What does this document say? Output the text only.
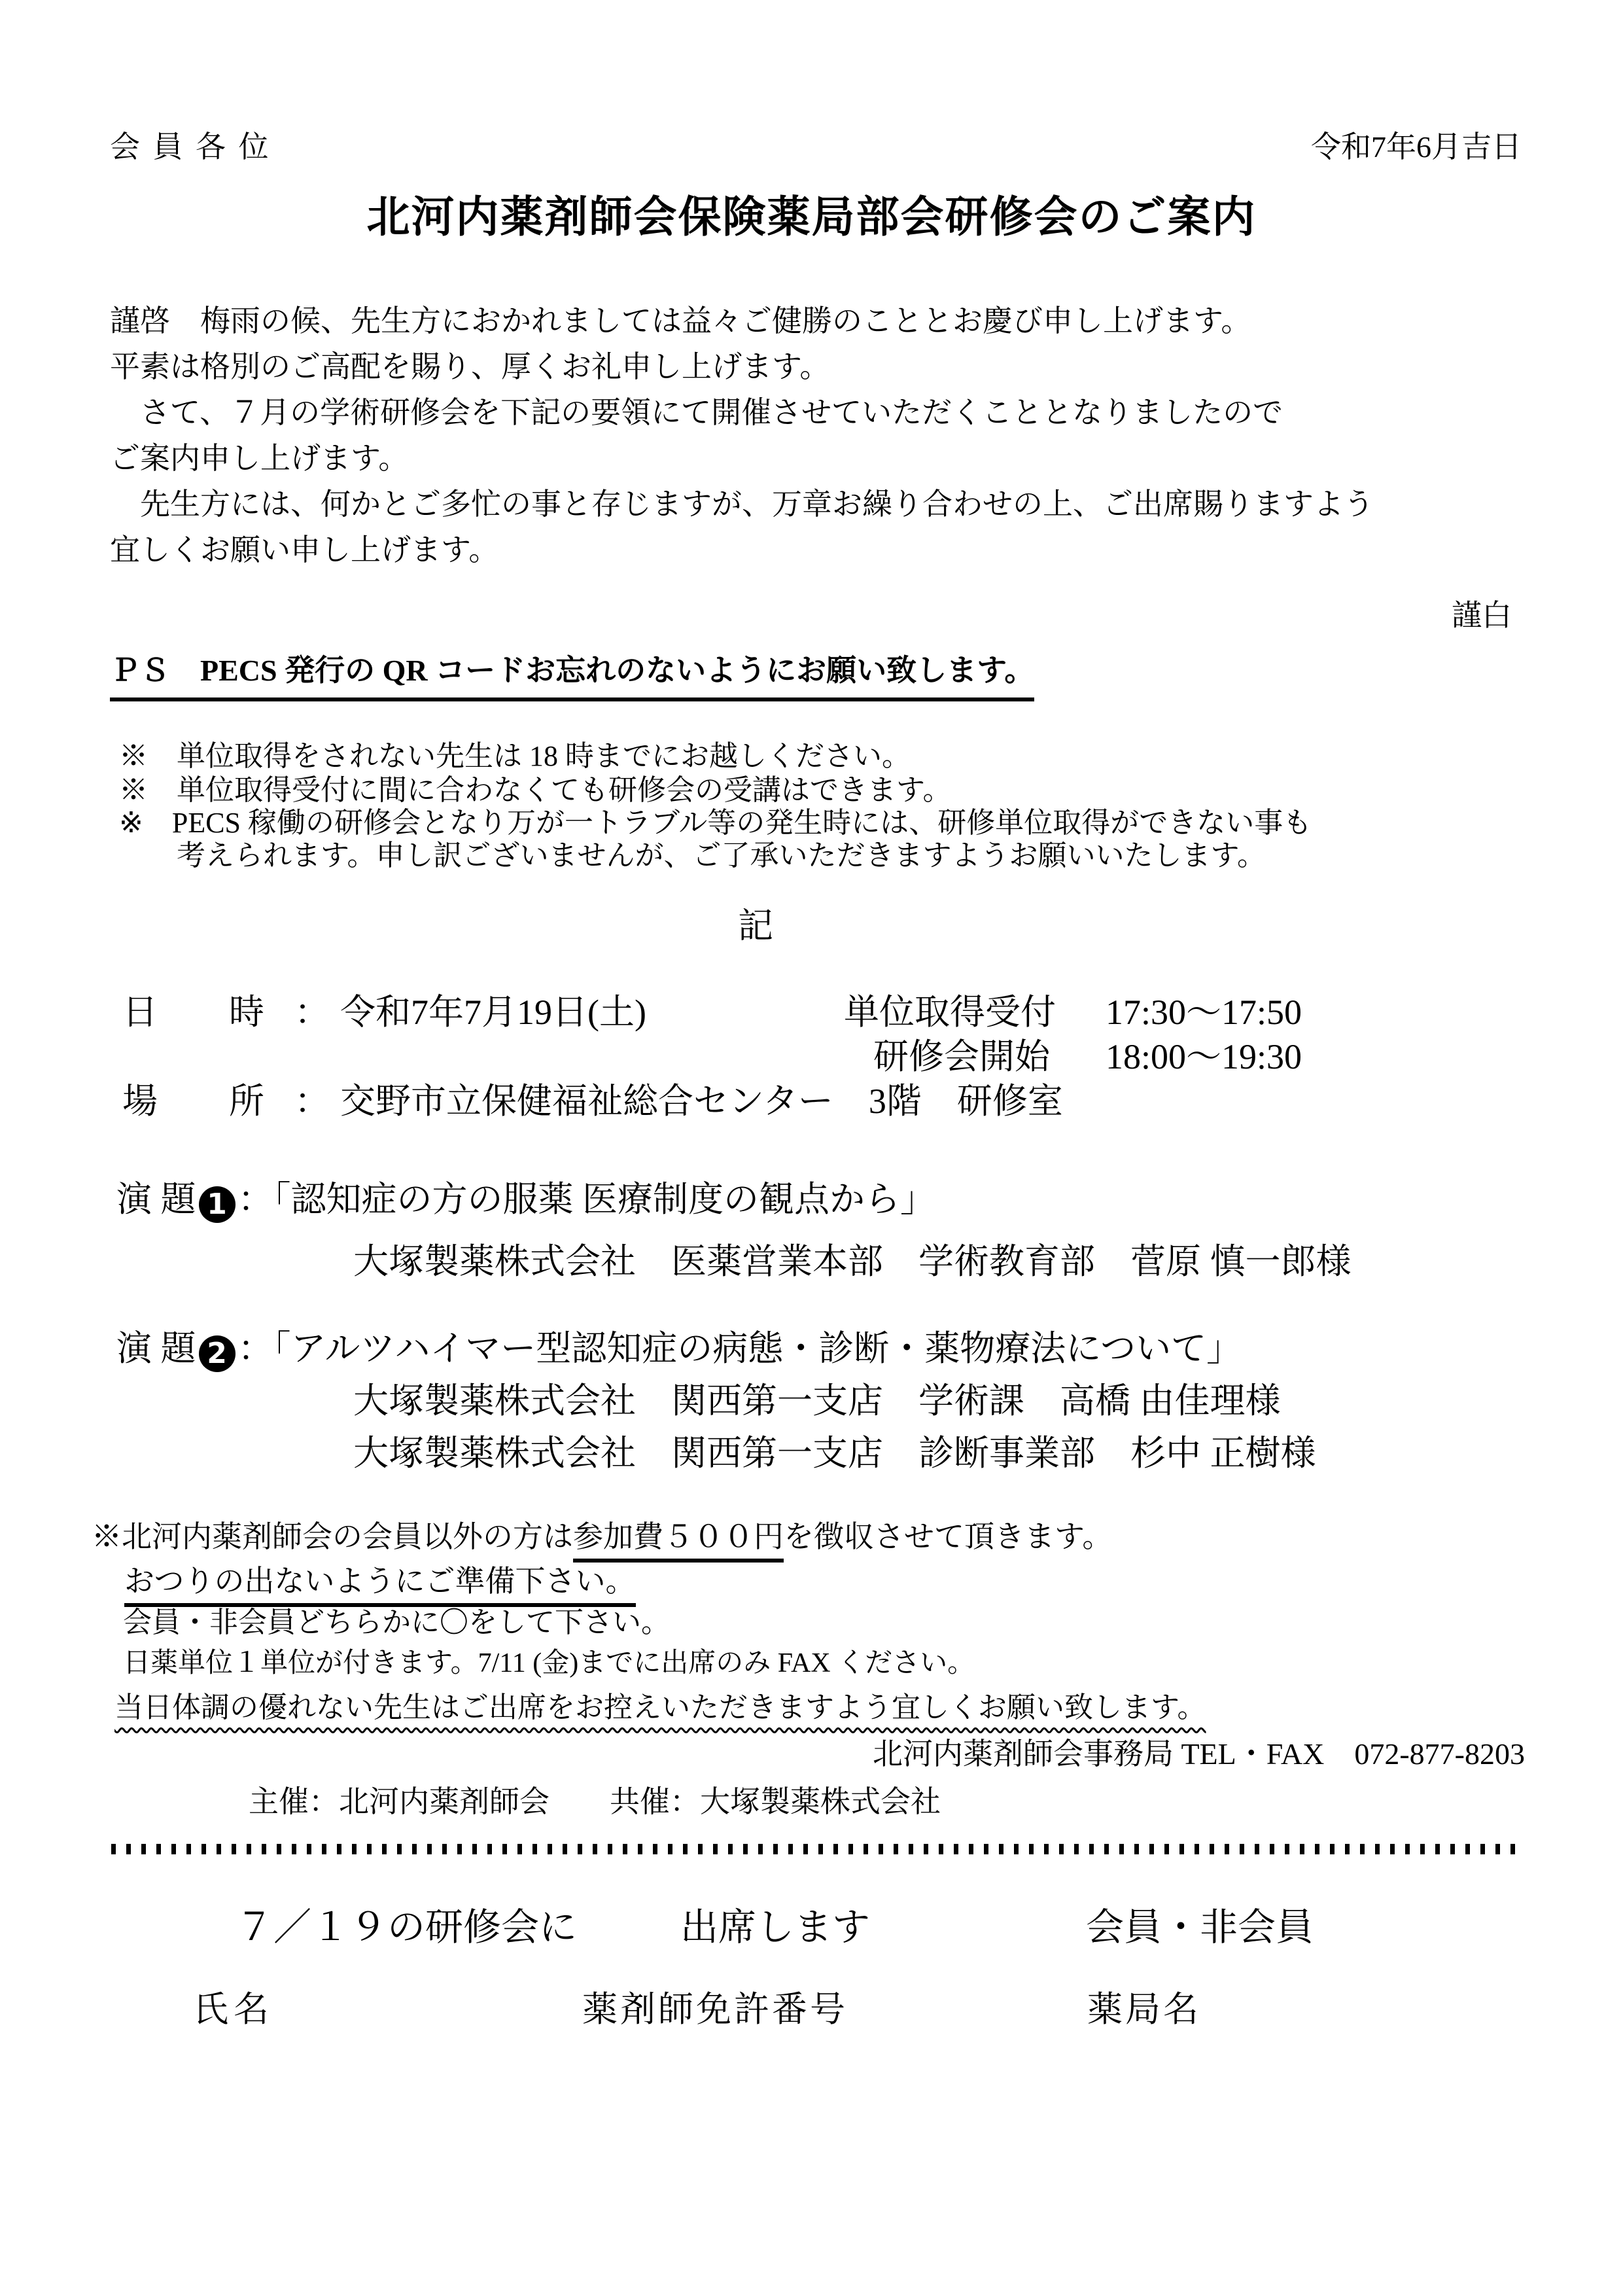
会 員 各 位	令和7年6月吉日
北河内薬剤師会保険薬局部会研修会のご案内
謹啓　梅雨の候、先生方におかれましては益々ご健勝のこととお慶び申し上げます。
平素は格別のご高配を賜り、厚くお礼申し上げます。
さて、７月の学術研修会を下記の要領にて開催させていただくこととなりましたので
ご案内申し上げます。
先生方には、何かとご多忙の事と存じますが、万章お繰り合わせの上、ご出席賜りますよう
宜しくお願い申し上げます。
謹白
ＰＳ　PECS 発行の QR コードお忘れのないようにお願い致します。
※　単位取得をされない先生は 18 時までにお越しください。
※　単位取得受付に間に合わなくても研修会の受講はできます。
※　PECS 稼働の研修会となり万が一トラブル等の発生時には、研修単位取得ができない事も
考えられます。申し訳ございませんが、ご了承いただきますようお願いいたします。
記
日 時 ： 令和7年7月19日(土)	単位取得受付 17:30～17:50
研修会開始 18:00～19:30
場 所 ： 交野市立保健福祉総合センター　3階　研修室
演 題 1 ：「認知症の方の服薬 医療制度の観点から」
大塚製薬株式会社　医薬営業本部　学術教育部　菅原 慎一郎様
演 題 2 ：「アルツハイマー型認知症の病態・診断・薬物療法について」
大塚製薬株式会社　関西第一支店　学術課　高橋 由佳理様
大塚製薬株式会社　関西第一支店　診断事業部　杉中 正樹様
※北河内薬剤師会の会員以外の方は参加費５００円を徴収させて頂きます。
おつりの出ないようにご準備下さい。
会員・非会員どちらかに〇をして下さい。
日薬単位１単位が付きます。7/11 (金)までに出席のみ FAX ください。
当日体調の優れない先生はご出席をお控えいただきますよう宜しくお願い致します。
北河内薬剤師会事務局 TEL・FAX　072-877-8203
主催：北河内薬剤師会　　共催：大塚製薬株式会社
７／１９の研修会に	出席します	会員・非会員
氏名	薬剤師免許番号	薬局名
